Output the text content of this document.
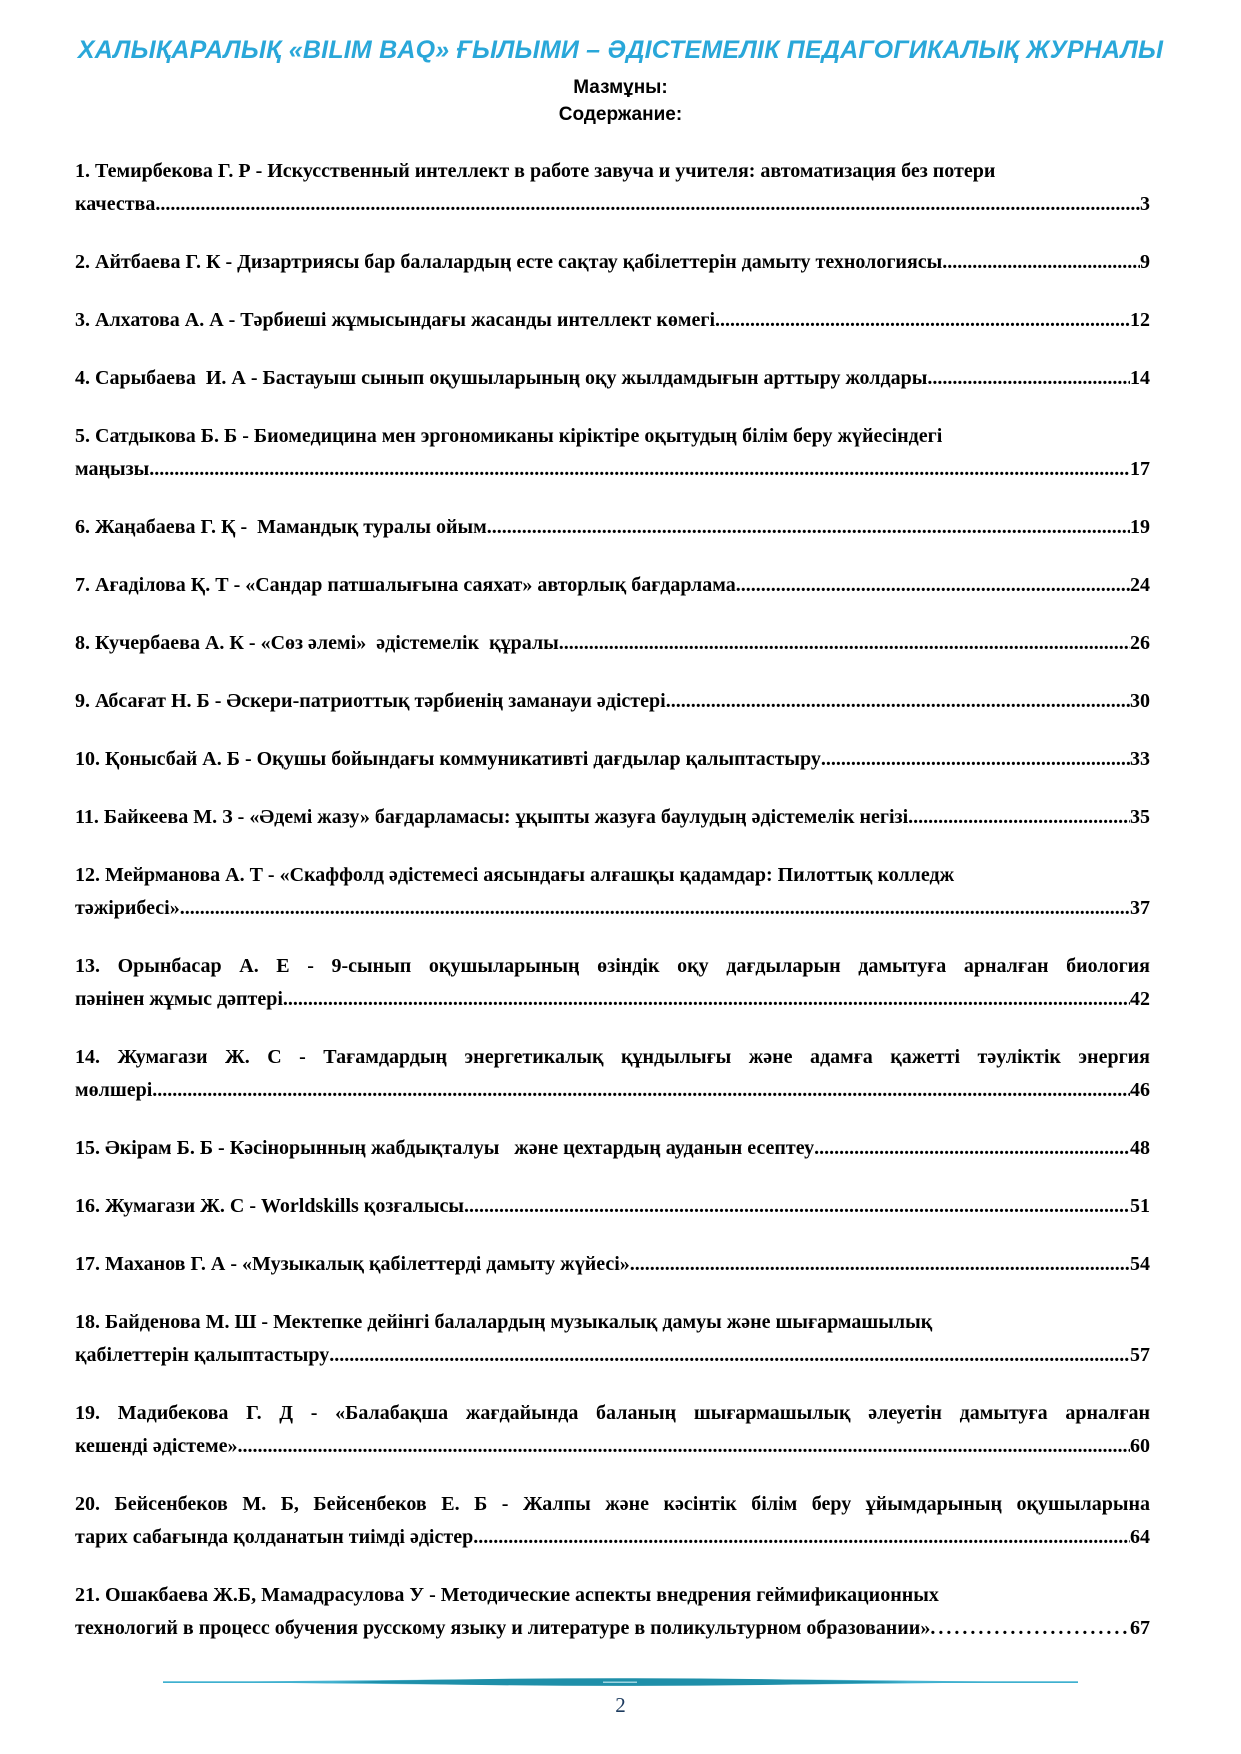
ХАЛЫҚАРАЛЫҚ «BILIM BAQ» ҒЫЛЫМИ – ӘДІСТЕМЕЛІК ПЕДАГОГИКАЛЫҚ ЖУРНАЛЫ
Мазмұны:
Содержание:
1. Темирбекова Г. Р - Искусственный интеллект в работе завуча и учителя: автоматизация без потери
качества .....	3
2. Айтбаева Г. К - Дизартриясы бар балалардың есте сақтау қабілеттерін дамыту технологиясы .....	9
3. Алхатова А. А - Тәрбиеші жұмысындағы жасанды интеллект көмегі .....	12
4. Сарыбаева  И. А - Бастауыш сынып оқушыларының оқу жылдамдығын арттыру жолдары .....	14
5. Сатдыкова Б. Б - Биомедицина мен эргономиканы кіріктіре оқытудың білім беру жүйесіндегі
маңызы .....	17
6. Жаңабаева Г. Қ -  Мамандық туралы ойым .....	19
7. Ағаділова Қ. Т - «Сандар патшалығына саяхат» авторлық бағдарлама .....	24
8. Кучербаева А. К - «Сөз әлемі»  әдістемелік  құралы .....	26
9. Абсағат Н. Б - Әскери-патриоттық тәрбиенің заманауи әдістері .....	30
10. Қонысбай А. Б - Оқушы бойындағы коммуникативті дағдылар қалыптастыру .....	33
11. Байкеева М. З - «Әдемі жазу» бағдарламасы: ұқыпты жазуға баулудың әдістемелік негізі .....	35
12. Мейрманова А. Т - «Скаффолд әдістемесі аясындағы алғашқы қадамдар: Пилоттық колледж
тәжірибесі» .....	37
13. Орынбасар А. Е - 9-сынып оқушыларының өзіндік оқу дағдыларын дамытуға арналған биология
пәнінен жұмыс дәптері .....	42
14. Жумагази Ж. С - Тағамдардың энергетикалық құндылығы және адамға қажетті тәуліктік энергия
мөлшері .....	46
15. Әкірам Б. Б - Кәсінорынның жабдықталуы   және цехтардың ауданын есептеу .....	48
16. Жумагази Ж. С - Worldskills қозғалысы .....	51
17. Маханов Г. А - «Музыкалық қабілеттерді дамыту жүйесі» .....	54
18. Байденова М. Ш - Мектепке дейінгі балалардың музыкалық дамуы және шығармашылық
қабілеттерін қалыптастыру .....	57
19. Мадибекова Г. Д - «Балабақша жағдайында баланың шығармашылық әлеуетін дамытуға арналған
кешенді әдістеме» .....	60
20. Бейсенбеков М. Б, Бейсенбеков Е. Б - Жалпы және кәсінтік білім беру ұйымдарының оқушыларына
тарих сабағында қолданатын тиімді әдістер .....	64
21. Ошакбаева Ж.Б, Мамадрасулова У - Методические аспекты внедрения геймификационных
технологий в процесс обучения русскому языку и литературе в поликультурном образовании» .....	67
2
